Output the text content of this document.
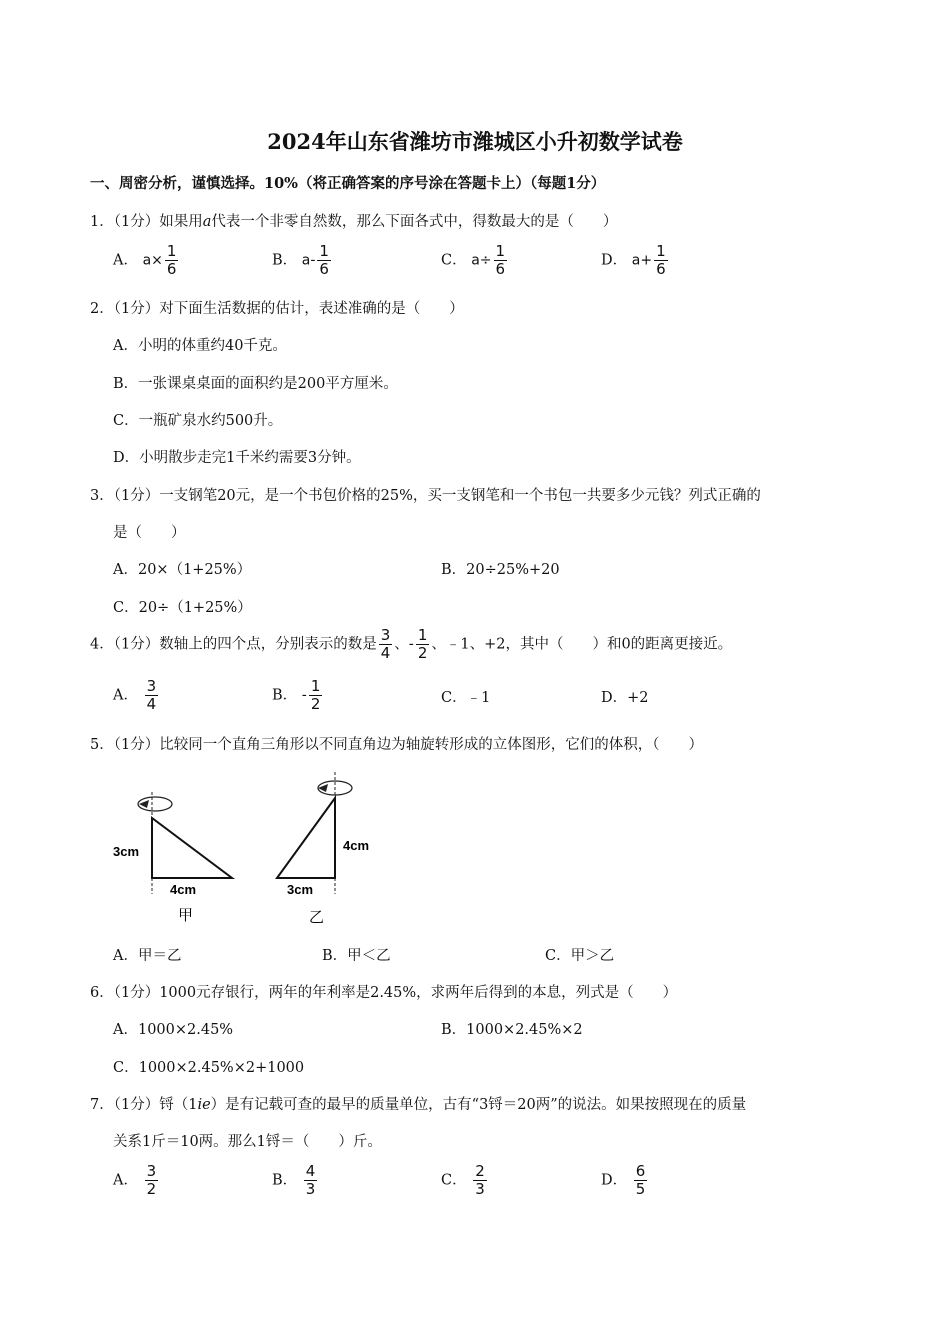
2024年山东省潍坊市潍城区小升初数学试卷
一、周密分析，谨慎选择。10%（将正确答案的序号涂在答题卡上）（每题1分）
1．（1分）如果用a代表一个非零自然数，那么下面各式中，得数最大的是（　　）
A． $a\times \frac{1}{6}$	B． $a- \frac{1}{6}$	C． $a\div \frac{1}{6}$	D． $a+ \frac{1}{6}$
2．（1分）对下面生活数据的估计，表述准确的是（　　）
A．小明的体重约40千克。
B．一张课桌桌面的面积约是200平方厘米。
C．一瓶矿泉水约500升。
D．小明散步走完1千米约需要3分钟。
3．（1分）一支钢笔20元，是一个书包价格的25%，买一支钢笔和一个书包一共要多少元钱？列式正确的
是（　　）
A．20×（1+25%）	B．20÷25%+20
C．20÷（1+25%）
4．（1分）数轴上的四个点，分别表示的数是 $\frac{3}{4}$ 、- $\frac{1}{2}$ 、﹣1、+2，其中（　　）和0的距离更接近。
A． $\frac{3}{4}$	B． - $\frac{1}{2}$	C．﹣1	D．+2
5．（1分）比较同一个直角三角形以不同直角边为轴旋转形成的立体图形，它们的体积，（　　）
3cm
4cm
甲
4cm
3cm
乙
A．甲＝乙	B．甲＜乙	C．甲＞乙
6．（1分）1000元存银行，两年的年利率是2.45%，求两年后得到的本息，列式是（　　）
A．1000×2.45%	B．1000×2.45%×2
C．1000×2.45%×2+1000
7．（1分）锊（1ie）是有记载可查的最早的质量单位，古有“3锊＝20两”的说法。如果按照现在的质量
关系1斤＝10两。那么1锊＝（　　）斤。
A． $\frac{3}{2}$	B． $\frac{4}{3}$	C． $\frac{2}{3}$	D． $\frac{6}{5}$
